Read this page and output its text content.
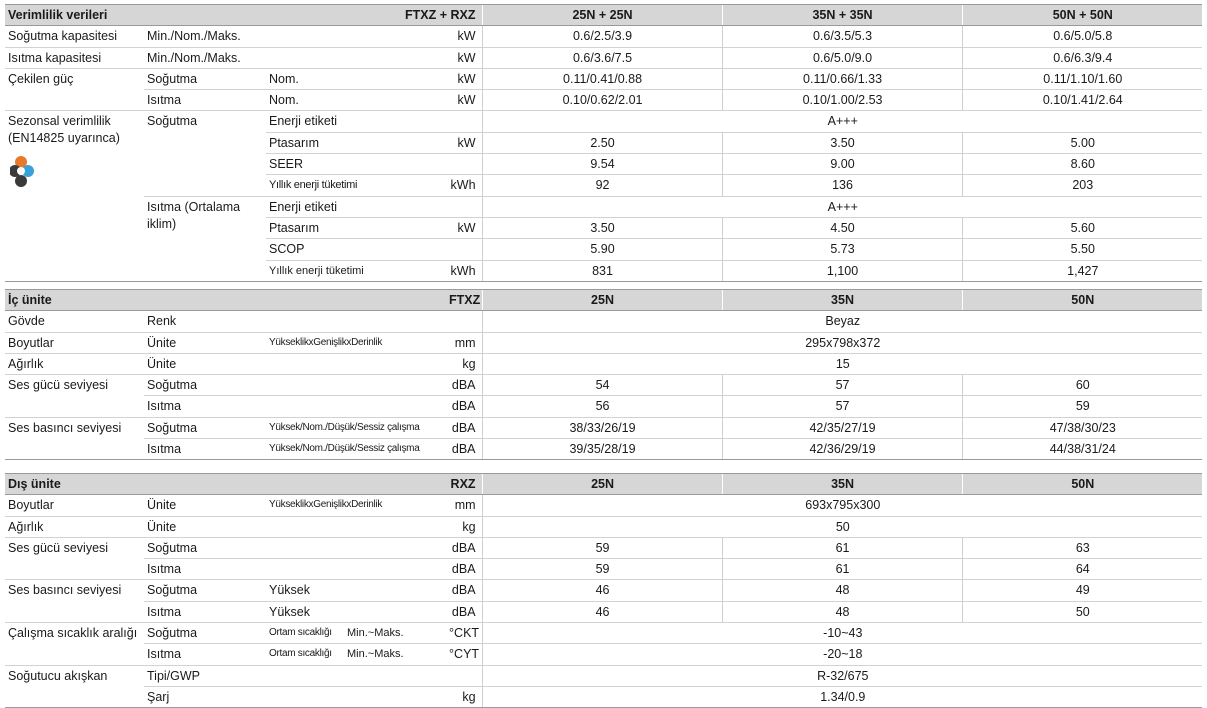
Verimlilik verileri			FTXZ + RXZ	25N + 25N	35N + 35N	50N + 50N
Soğutma kapasitesi	Min./Nom./Maks.		kW	0.6/2.5/3.9	0.6/3.5/5.3	0.6/5.0/5.8
Isıtma kapasitesi	Min./Nom./Maks.		kW	0.6/3.6/7.5	0.6/5.0/9.0	0.6/6.3/9.4
Çekilen güç	Soğutma	Nom.	kW	0.11/0.41/0.88	0.11/0.66/1.33	0.11/1.10/1.60
	Isıtma	Nom.	kW	0.10/0.62/2.01	0.10/1.00/2.53	0.10/1.41/2.64
Sezonsal verimlilik (EN14825 uyarınca)	Soğutma	Enerji etiketi		A+++		
		Ptasarım	kW	2.50	3.50	5.00
		SEER		9.54	9.00	8.60
		Yıllık enerji tüketimi	kWh	92	136	203
	Isıtma (Ortalama iklim)	Enerji etiketi		A+++		
		Ptasarım	kW	3.50	4.50	5.60
		SCOP		5.90	5.73	5.50
		Yıllık enerji tüketimi	kWh	831	1,100	1,427
İç ünite			FTXZ	25N	35N	50N
Gövde	Renk			Beyaz		
Boyutlar	Ünite	YükseklikxGenişlikxDerinlik	mm	295x798x372		
Ağırlık	Ünite		kg	15		
Ses gücü seviyesi	Soğutma		dBA	54	57	60
	Isıtma		dBA	56	57	59
Ses basıncı seviyesi	Soğutma	Yüksek/Nom./Düşük/Sessiz çalışma	dBA	38/33/26/19	42/35/27/19	47/38/30/23
	Isıtma	Yüksek/Nom./Düşük/Sessiz çalışma	dBA	39/35/28/19	42/36/29/19	44/38/31/24
Dış ünite				RXZ	25N	35N	50N
Boyutlar	Ünite	YükseklikxGenişlikxDerinlik		mm	693x795x300		
Ağırlık	Ünite			kg	50		
Ses gücü seviyesi	Soğutma			dBA	59	61	63
	Isıtma			dBA	59	61	64
Ses basıncı seviyesi	Soğutma	Yüksek		dBA	46	48	49
	Isıtma	Yüksek		dBA	46	48	50
Çalışma sıcaklık aralığı	Soğutma	Ortam sıcaklığı	Min.~Maks.	°CKT	-10~43		
	Isıtma	Ortam sıcaklığı	Min.~Maks.	°CYT	-20~18		
Soğutucu akışkan	Tipi/GWP				R-32/675		
	Şarj			kg	1.34/0.9		
